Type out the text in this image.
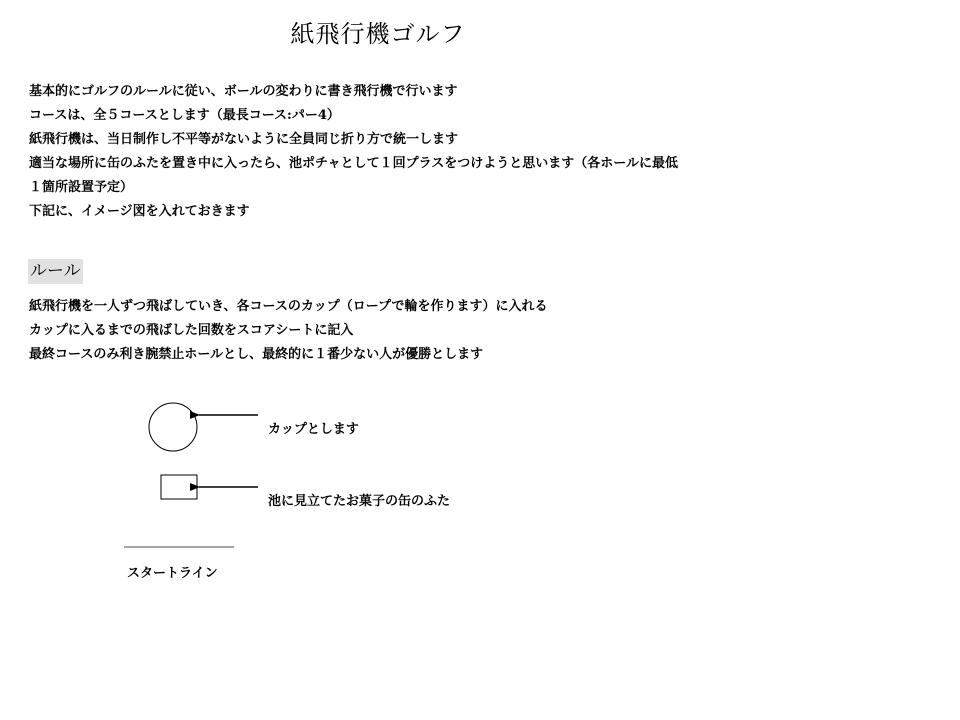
紙飛行機ゴルフ
基本的にゴルフのルールに従い、ボールの変わりに書き飛行機で行います
コースは、全５コースとします（最長コース:パー4）
紙飛行機は、当日制作し不平等がないように全員同じ折り方で統一します
適当な場所に缶のふたを置き中に入ったら、池ポチャとして１回プラスをつけようと思います（各ホールに最低
１箇所設置予定）
下記に、イメージ図を入れておきます
ルール
紙飛行機を一人ずつ飛ばしていき、各コースのカップ（ロープで輪を作ります）に入れる
カップに入るまでの飛ばした回数をスコアシートに記入
最終コースのみ利き腕禁止ホールとし、最終的に１番少ない人が優勝とします
カップとします
池に見立てたお菓子の缶のふた
スタートライン
